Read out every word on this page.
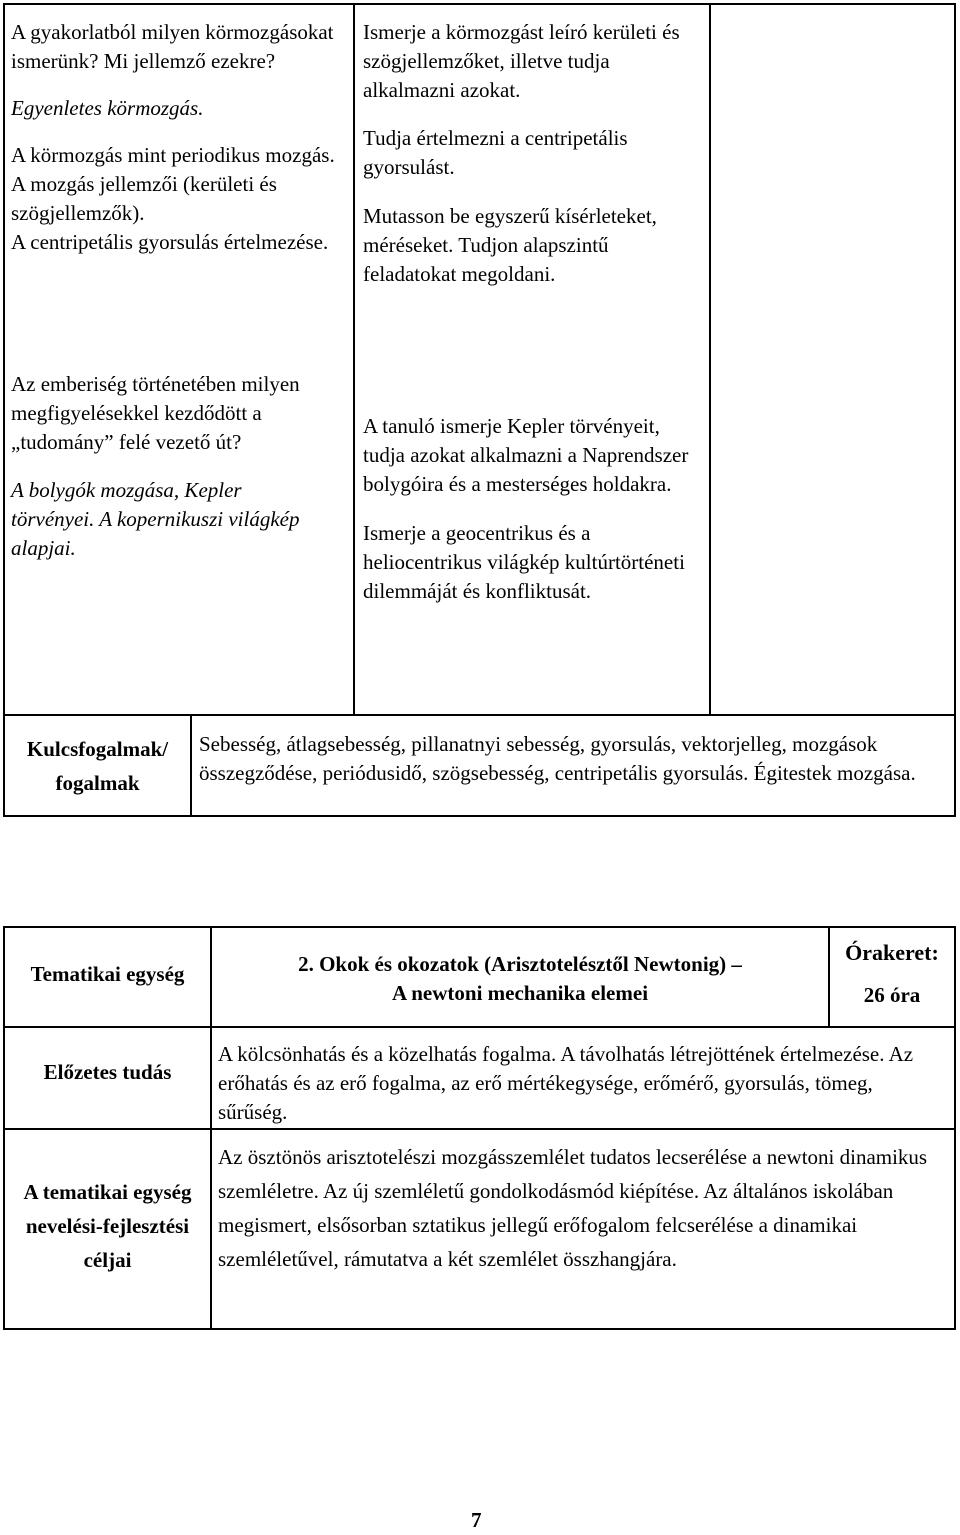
A gyakorlatból milyen körmozgásokat ismerünk? Mi jellemző ezekre?

Egyenletes körmozgás.

A körmozgás mint periodikus mozgás.

A mozgás jellemzői (kerületi és szögjellemzők).

A centripetális gyorsulás értelmezése.

Az emberiség történetében milyen megfigyelésekkel kezdődött a „tudomány” felé vezető út?

A bolygók mozgása, Kepler törvényei. A kopernikuszi világkép alapjai.

Ismerje a körmozgást leíró kerületi és szögjellemzőket, illetve tudja alkalmazni azokat.

Tudja értelmezni a centripetális gyorsulást.

Mutasson be egyszerű kísérleteket, méréseket. Tudjon alapszintű feladatokat megoldani.

A tanuló ismerje Kepler törvényeit, tudja azokat alkalmazni a Naprendszer bolygóira és a mesterséges holdakra.

Ismerje a geocentrikus és a heliocentrikus világkép kultúrtörténeti dilemmáját és konfliktusát.

Kulcsfogalmak/
fogalmak
Sebesség, átlagsebesség, pillanatnyi sebesség, gyorsulás, vektorjelleg, mozgások összegződése, periódusidő, szögsebesség, centripetális gyorsulás. Égitestek mozgása.
Tematikai egység	2. Okok és okozatok (Arisztotelésztől Newtonig) –
A newtoni mechanika elemei
Órakeret:
26 óra
Előzetes tudás
A kölcsönhatás és a közelhatás fogalma. A távolhatás létrejöttének értelmezése. Az erőhatás és az erő fogalma, az erő mértékegysége, erőmérő, gyorsulás, tömeg, sűrűség.
A tematikai egység nevelési-fejlesztési céljai
Az ösztönös arisztotelészi mozgásszemlélet tudatos lecserélése a newtoni dinamikus szemléletre. Az új szemléletű gondolkodásmód kiépítése. Az általános iskolában megismert, elsősorban sztatikus jellegű erőfogalom felcserélése a dinamikai szemléletűvel, rámutatva a két szemlélet összhangjára.
7
